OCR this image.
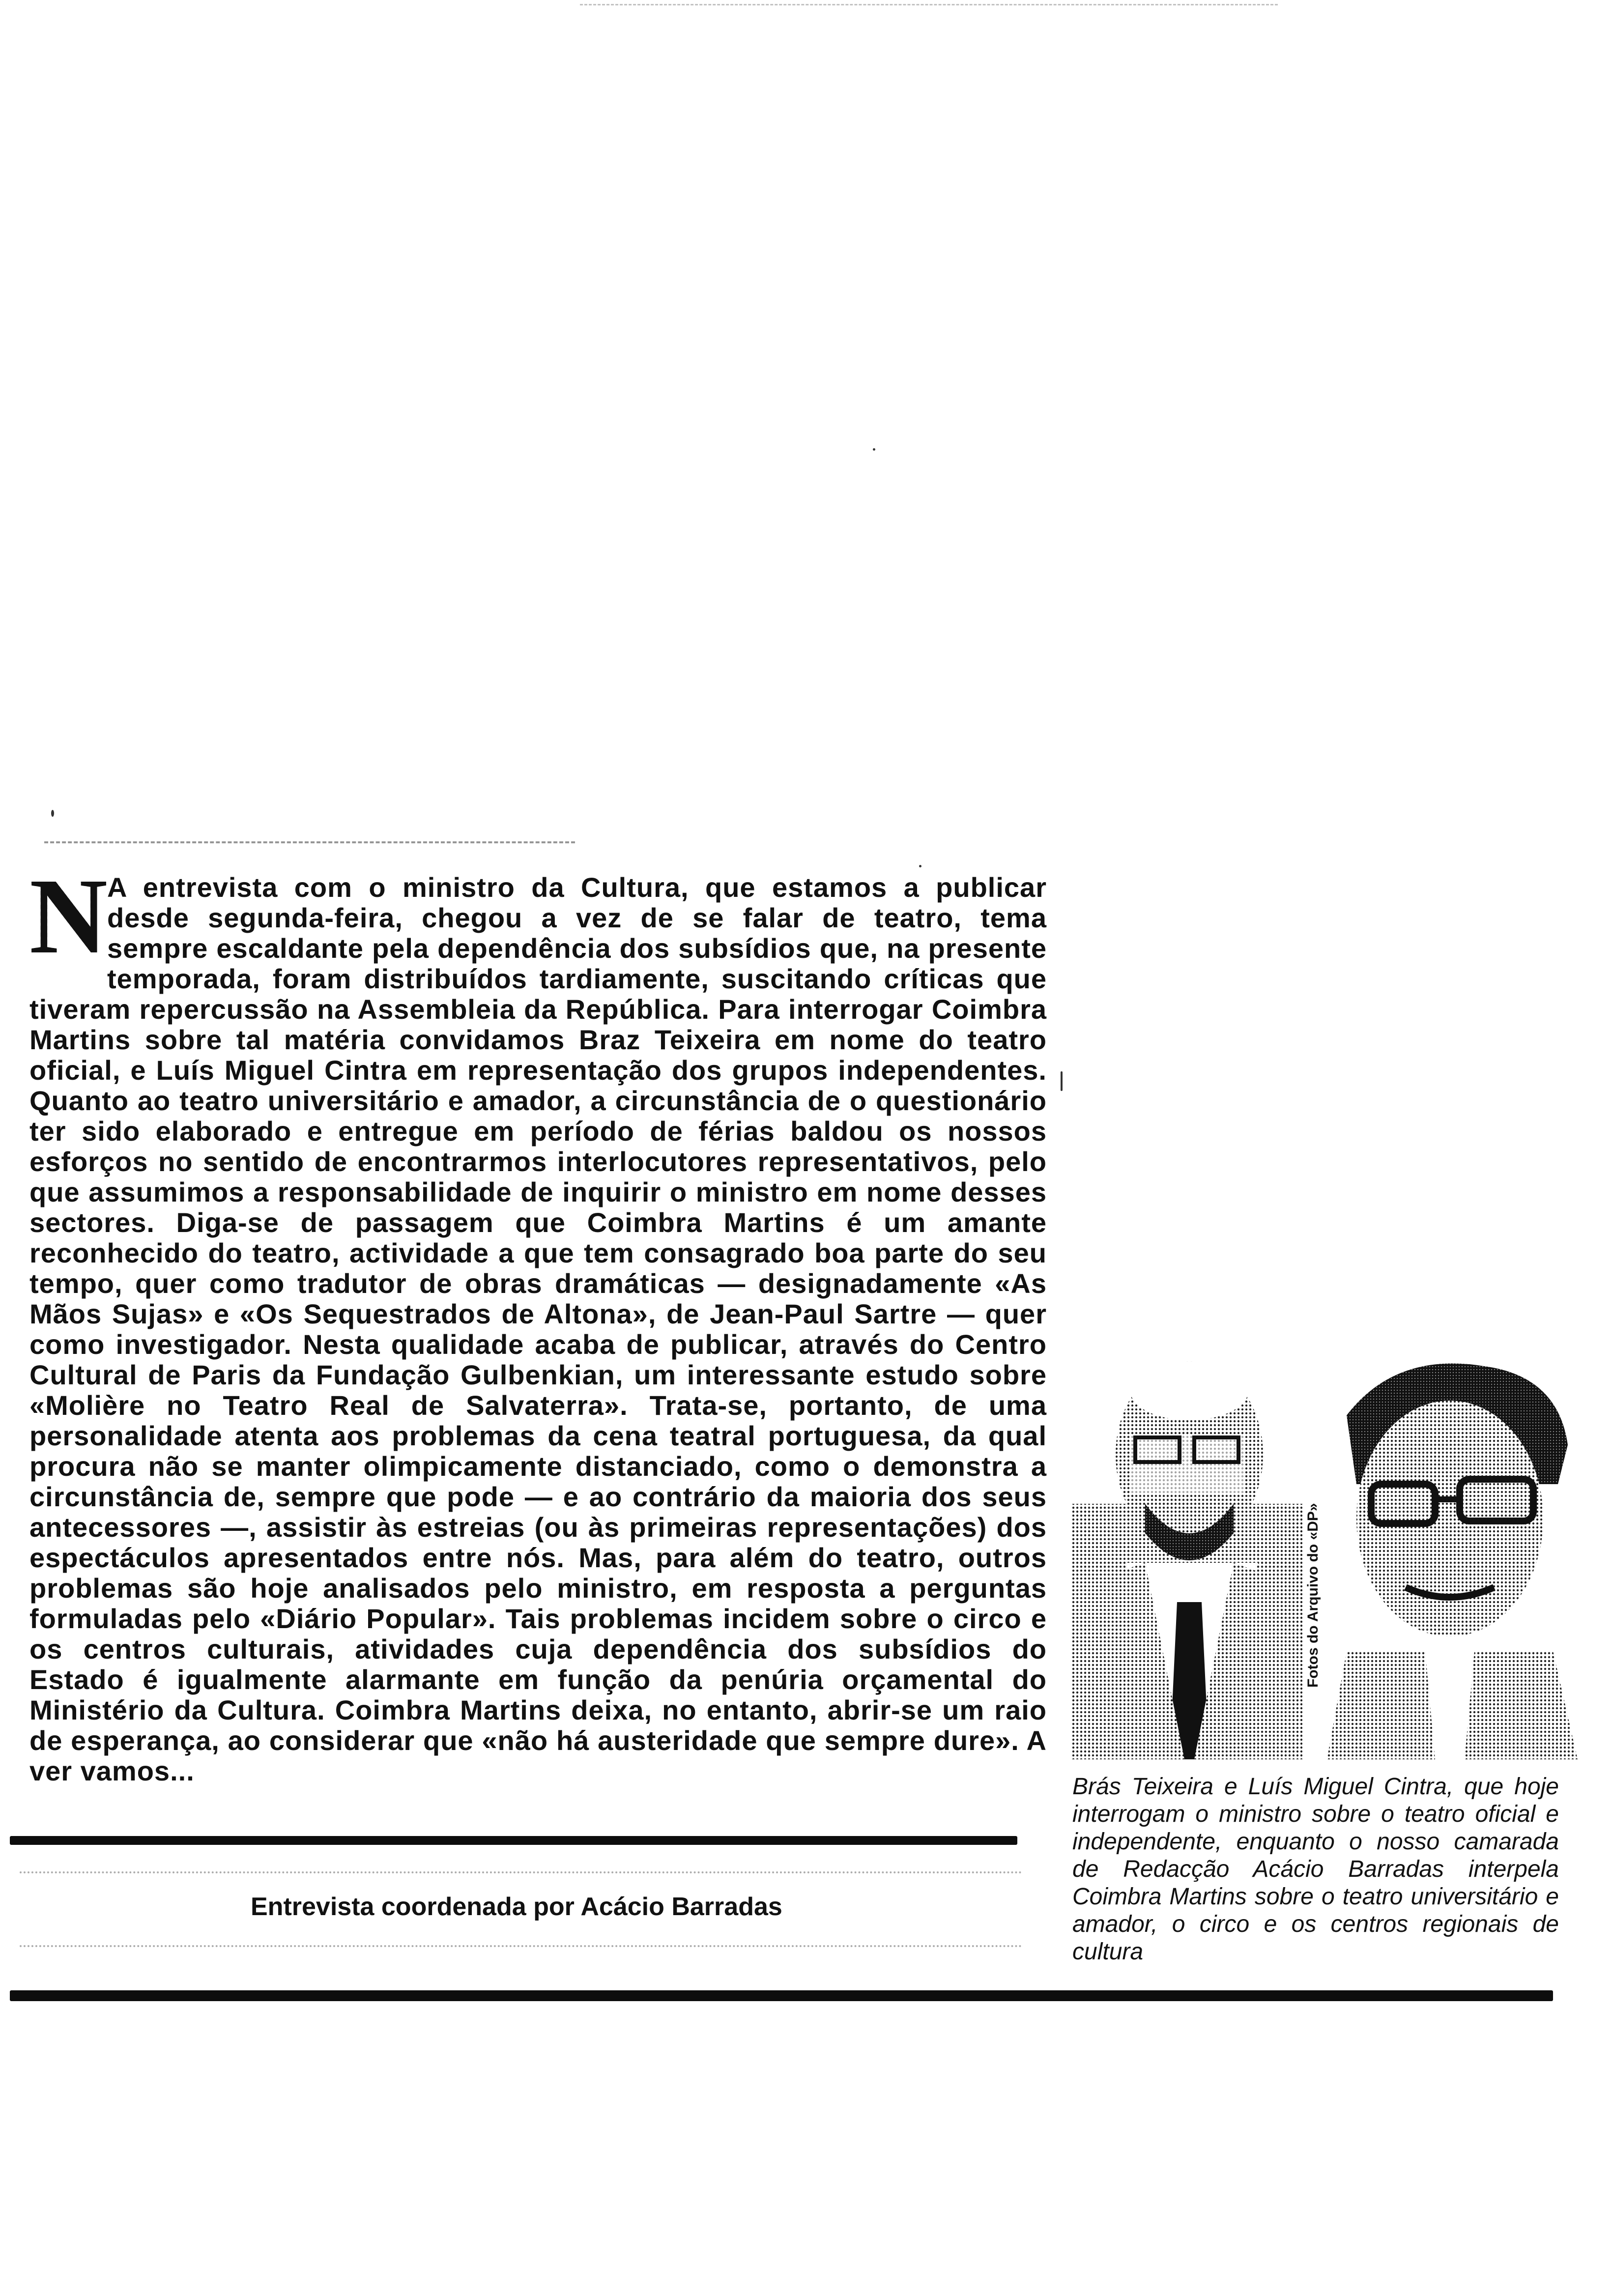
N
A entrevista com o ministro da Cultura, que estamos a publicar desde segunda-feira, chegou a vez de se falar de teatro, tema sempre escaldante pela dependência dos subsídios que, na presente temporada, foram distribuídos tardiamente, suscitando críticas que tiveram repercussão na Assembleia da República. Para interrogar Coimbra Martins sobre tal matéria convidamos Braz Teixeira em nome do teatro oficial, e Luís Miguel Cintra em representação dos grupos independentes. Quanto ao teatro universitário e amador, a circunstância de o questionário ter sido elaborado e entregue em período de férias baldou os nossos esforços no sentido de encontrarmos interlocutores representativos, pelo que assumimos a responsabilidade de inquirir o ministro em nome desses sectores. Diga-se de passagem que Coimbra Martins é um amante reconhecido do teatro, actividade a que tem consagrado boa parte do seu tempo, quer como tradutor de obras dramáticas — designadamente «As Mãos Sujas» e «Os Sequestrados de Altona», de Jean-Paul Sartre — quer como investigador. Nesta qualidade acaba de publicar, através do Centro Cultural de Paris da Fundação Gulbenkian, um interessante estudo sobre «Molière no Teatro Real de Salvaterra». Trata-se, portanto, de uma personalidade atenta aos problemas da cena teatral portuguesa, da qual procura não se manter olimpicamente distanciado, como o demonstra a circunstância de, sempre que pode — e ao contrário da maioria dos seus antecessores —, assistir às estreias (ou às primeiras representações) dos espectáculos apresentados entre nós. Mas, para além do teatro, outros problemas são hoje analisados pelo ministro, em resposta a perguntas formuladas pelo «Diário Popular». Tais problemas incidem sobre o circo e os centros culturais, atividades cuja dependência dos subsídios do Estado é igualmente alarmante em função da penúria orçamental do Ministério da Cultura. Coimbra Martins deixa, no entanto, abrir-se um raio de esperança, ao considerar que «não há austeridade que sempre dure». A ver vamos...

Entrevista coordenada por Acácio Barradas
Fotos do Arquivo do «DP»

Brás Teixeira e Luís Miguel Cintra, que hoje interrogam o ministro sobre o teatro oficial e independente, enquanto o nosso camarada de Redacção Acácio Barradas interpela Coimbra Martins sobre o teatro universitário e amador, o circo e os centros regionais de cultura
